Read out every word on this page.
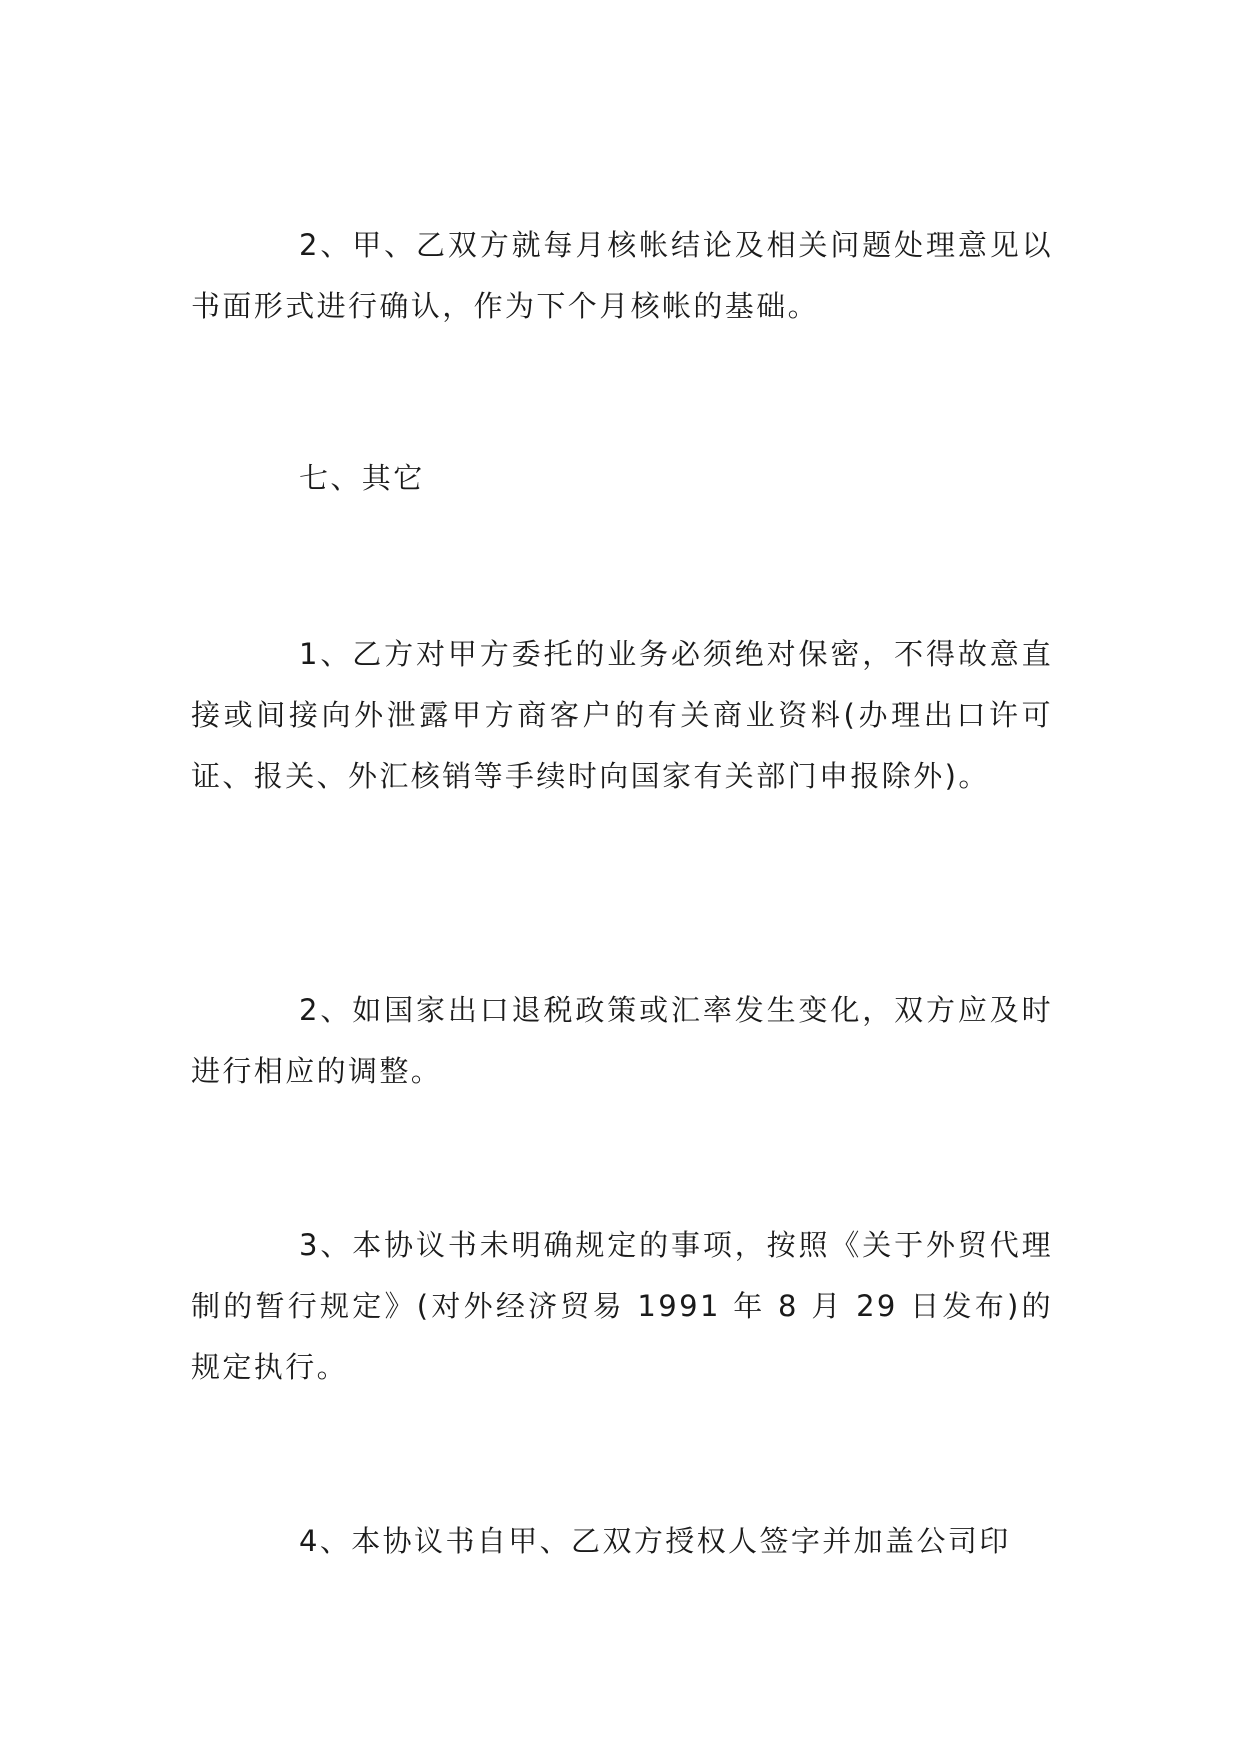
2、甲、乙双方就每月核帐结论及相关问题处理意见以书面形式进行确认，作为下个月核帐的基础。

七、其它

1、乙方对甲方委托的业务必须绝对保密，不得故意直接或间接向外泄露甲方商客户的有关商业资料(办理出口许可证、报关、外汇核销等手续时向国家有关部门申报除外)。

2、如国家出口退税政策或汇率发生变化，双方应及时进行相应的调整。

3、本协议书未明确规定的事项，按照《关于外贸代理制的暂行规定》(对外经济贸易 1991 年 8 月 29 日发布)的规定执行。

4、本协议书自甲、乙双方授权人签字并加盖公司印
